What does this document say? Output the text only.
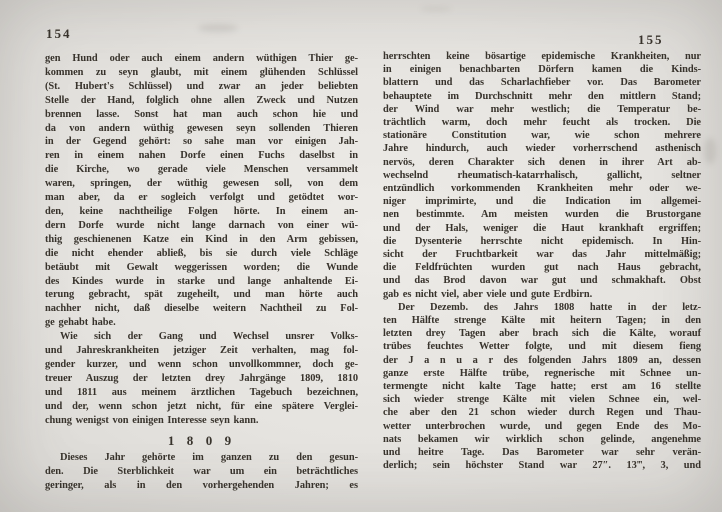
154	155
gen Hund oder auch einem andern wüthigen Thier ge-
kommen zu seyn glaubt, mit einem glühenden Schlüssel
(St. Hubert's Schlüssel) und zwar an jeder beliebten
Stelle der Hand, folglich ohne allen Zweck und Nutzen
brennen lasse. Sonst hat man auch schon hie und
da von andern wüthig gewesen seyn sollenden Thieren
in der Gegend gehört: so sahe man vor einigen Jah-
ren in einem nahen Dorfe einen Fuchs daselbst in
die Kirche, wo gerade viele Menschen versammelt
waren, springen, der wüthig gewesen soll, von dem
man aber, da er sogleich verfolgt und getödtet wor-
den, keine nachtheilige Folgen hörte. In einem an-
dern Dorfe wurde nicht lange darnach von einer wü-
thig geschienenen Katze ein Kind in den Arm gebissen,
die nicht ehender abließ, bis sie durch viele Schläge
betäubt mit Gewalt weggerissen worden; die Wunde
des Kindes wurde in starke und lange anhaltende Ei-
terung gebracht, spät zugeheilt, und man hörte auch
nachher nicht, daß dieselbe weitern Nachtheil zu Fol-
ge gehabt habe.
Wie sich der Gang und Wechsel unsrer Volks-
und Jahreskrankheiten jetziger Zeit verhalten, mag fol-
gender kurzer, und wenn schon unvollkommner, doch ge-
treuer Auszug der letzten drey Jahrgänge 1809, 1810
und 1811 aus meinem ärztlichen Tagebuch bezeichnen,
und der, wenn schon jetzt nicht, für eine spätere Verglei-
chung wenigst von einigen Interesse seyn kann.
1 8 0 9
Dieses Jahr gehörte im ganzen zu den gesun-
den. Die Sterblichkeit war um ein beträchtliches
geringer, als in den vorhergehenden Jahren; es
herrschten keine bösartige epidemische Krankheiten, nur
in einigen benachbarten Dörfern kamen die Kinds-
blattern und das Scharlachfieber vor. Das Barometer
behauptete im Durchschnitt mehr den mittlern Stand;
der Wind war mehr westlich; die Temperatur be-
trächtlich warm, doch mehr feucht als trocken. Die
stationäre Constitution war, wie schon mehrere
Jahre hindurch, auch wieder vorherrschend asthenisch
nervös, deren Charakter sich denen in ihrer Art ab-
wechselnd rheumatisch-katarrhalisch, gallicht, seltner
entzündlich vorkommenden Krankheiten mehr oder we-
niger imprimirte, und die Indication im allgemei-
nen bestimmte. Am meisten wurden die Brustorgane
und der Hals, weniger die Haut krankhaft ergriffen;
die Dysenterie herrschte nicht epidemisch. In Hin-
sicht der Fruchtbarkeit war das Jahr mittelmäßig;
die Feldfrüchten wurden gut nach Haus gebracht,
und das Brod davon war gut und schmakhaft. Obst
gab es nicht viel, aber viele und gute Erdbirn.
Der Dezemb. des Jahrs 1808 hatte in der letz-
ten Hälfte strenge Kälte mit heitern Tagen; in den
letzten drey Tagen aber brach sich die Kälte, worauf
trübes feuchtes Wetter folgte, und mit diesem fieng
der J a n u a r des folgenden Jahrs 1809 an, dessen
ganze erste Hälfte trübe, regnerische mit Schnee un-
termengte nicht kalte Tage hatte; erst am 16 stellte
sich wieder strenge Kälte mit vielen Schnee ein, wel-
che aber den 21 schon wieder durch Regen und Thau-
wetter unterbrochen wurde, und gegen Ende des Mo-
nats bekamen wir wirklich schon gelinde, angenehme
und heitre Tage. Das Barometer war sehr verän-
derlich; sein höchster Stand war 27″. 13‴, 3, und
